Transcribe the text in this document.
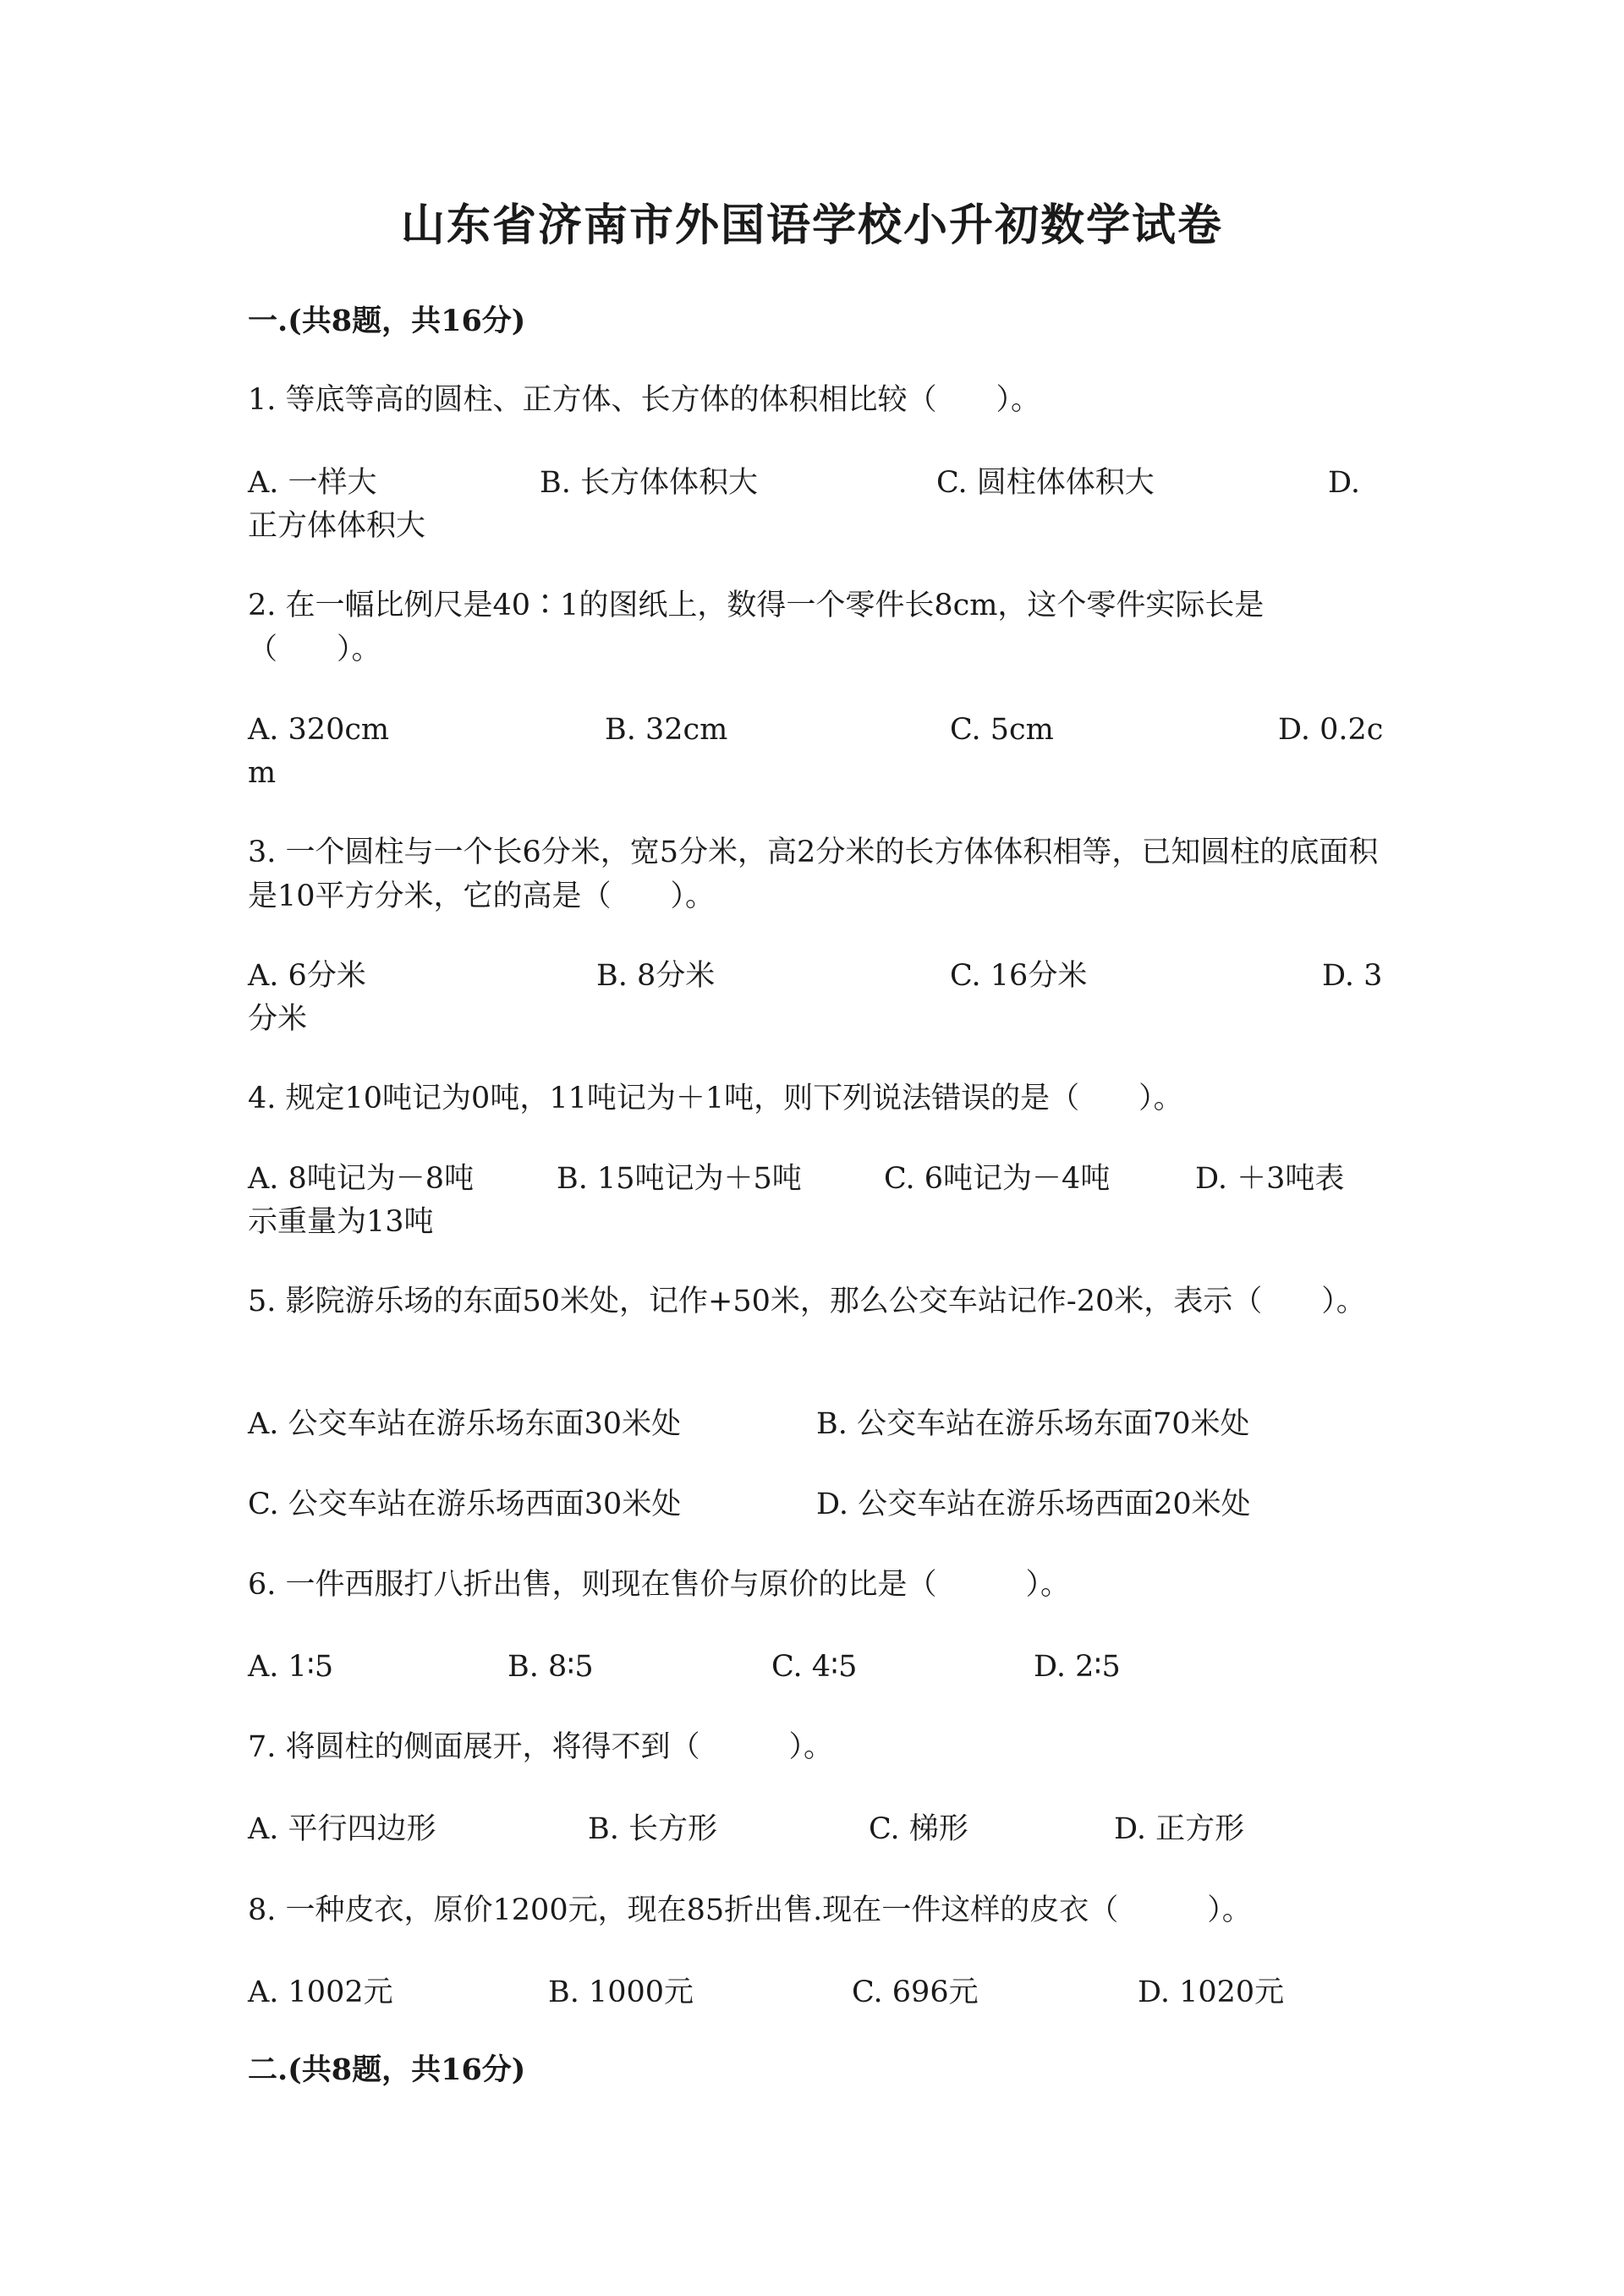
山东省济南市外国语学校小升初数学试卷
一.(共8题，共16分)
1. 等底等高的圆柱、正方体、长方体的体积相比较（　　）。
A. 一样大	B. 长方体体积大	C. 圆柱体体积大	D.
正方体体积大
2. 在一幅比例尺是40∶1的图纸上，数得一个零件长8cm，这个零件实际长是（　　）。
A. 320cm	B. 32cm	C. 5cm	D. 0.2c
m
3. 一个圆柱与一个长6分米，宽5分米，高2分米的长方体体积相等，已知圆柱的底面积是10平方分米，它的高是（　　）。
A. 6分米	B. 8分米	C. 16分米	D. 3
分米
4. 规定10吨记为0吨，11吨记为＋1吨，则下列说法错误的是（　　）。
A. 8吨记为－8吨	B. 15吨记为＋5吨	C. 6吨记为－4吨	D. ＋3吨表
示重量为13吨
5. 影院游乐场的东面50米处，记作+50米，那么公交车站记作-20米，表示（　　）。
A. 公交车站在游乐场东面30米处	B. 公交车站在游乐场东面70米处
C. 公交车站在游乐场西面30米处	D. 公交车站在游乐场西面20米处
6. 一件西服打八折出售，则现在售价与原价的比是（　　　）。
A. 1∶5	B. 8∶5	C. 4∶5	D. 2∶5
7. 将圆柱的侧面展开，将得不到（　　　）。
A. 平行四边形	B. 长方形	C. 梯形	D. 正方形
8. 一种皮衣，原价1200元，现在85折出售.现在一件这样的皮衣（　　　）。
A. 1002元	B. 1000元	C. 696元	D. 1020元
二.(共8题，共16分)
